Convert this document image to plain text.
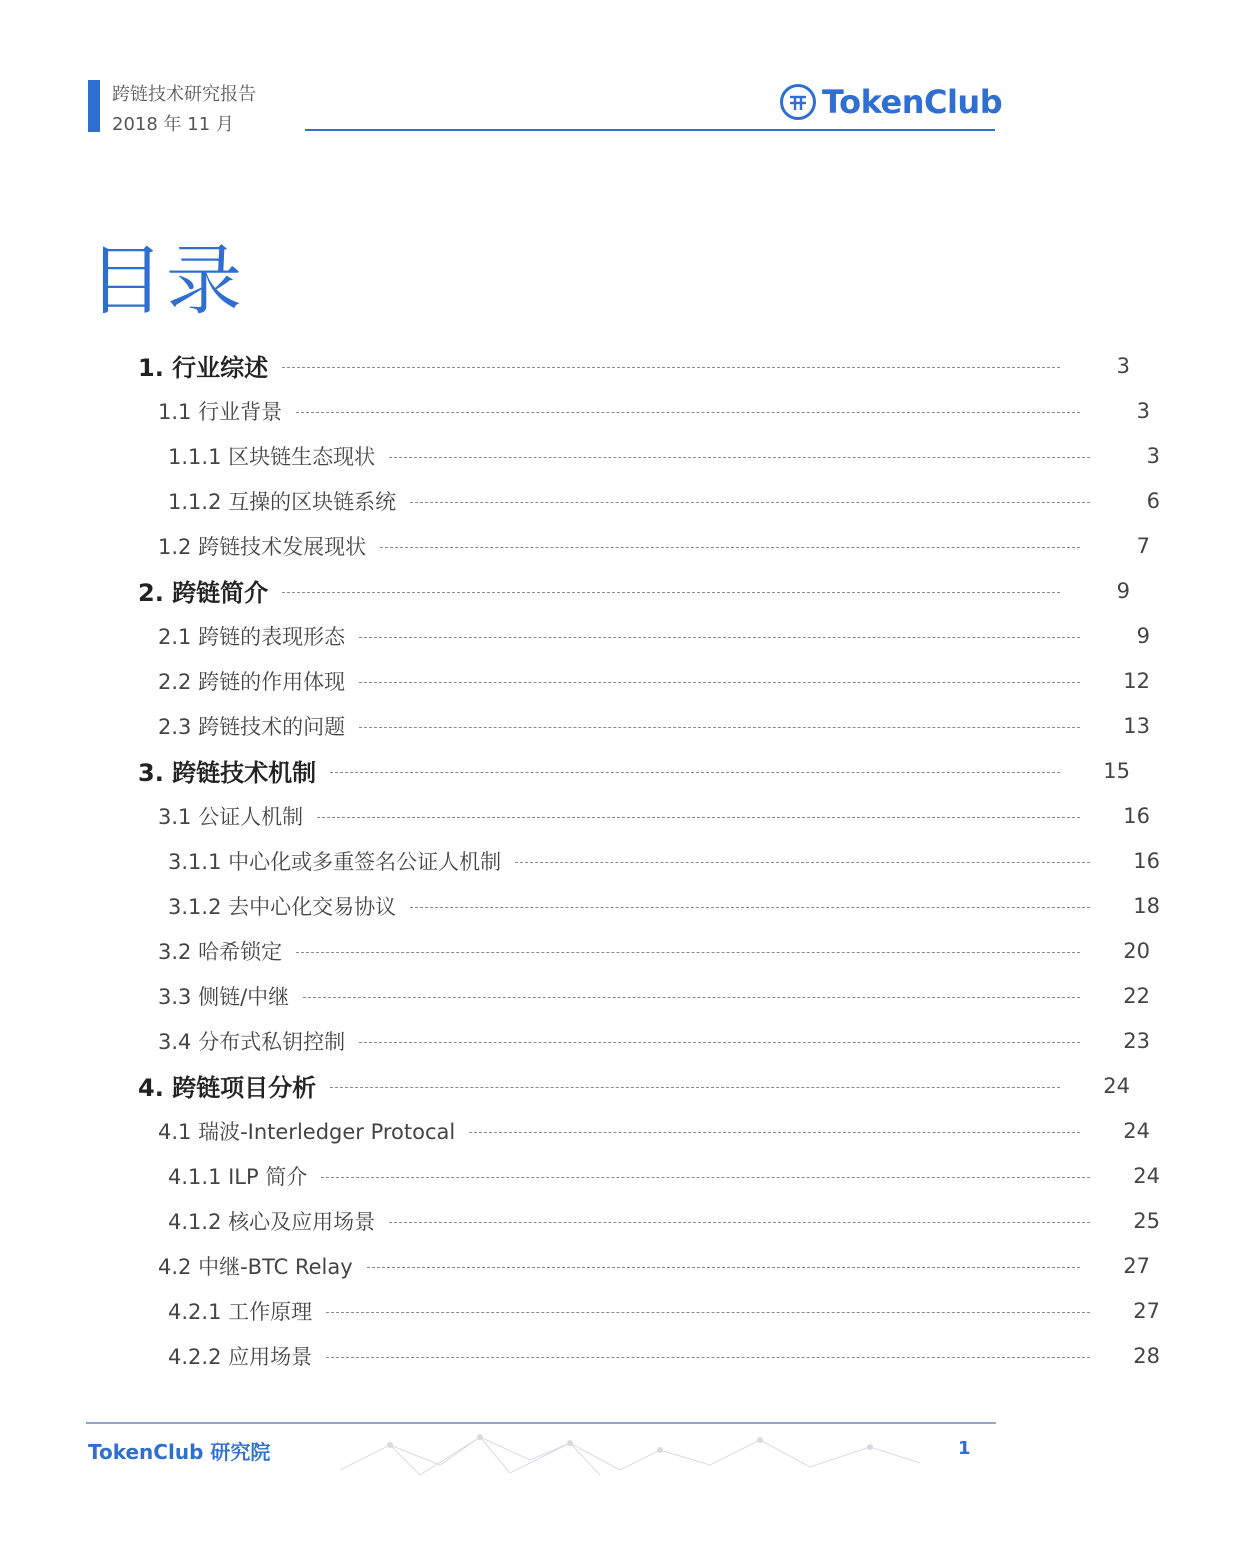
跨链技术研究报告
2018 年 11 月
TokenClub
目录
1. 行业综述	3
1.1 行业背景	3
1.1.1 区块链生态现状	3
1.1.2 互操的区块链系统	6
1.2 跨链技术发展现状	7
2. 跨链简介	9
2.1 跨链的表现形态	9
2.2 跨链的作用体现	12
2.3 跨链技术的问题	13
3. 跨链技术机制	15
3.1 公证人机制	16
3.1.1 中心化或多重签名公证人机制	16
3.1.2 去中心化交易协议	18
3.2 哈希锁定	20
3.3 侧链/中继	22
3.4 分布式私钥控制	23
4. 跨链项目分析	24
4.1 瑞波-Interledger Protocal	24
4.1.1 ILP 简介	24
4.1.2 核心及应用场景	25
4.2 中继-BTC Relay	27
4.2.1 工作原理	27
4.2.2 应用场景	28
TokenClub 研究院	1
